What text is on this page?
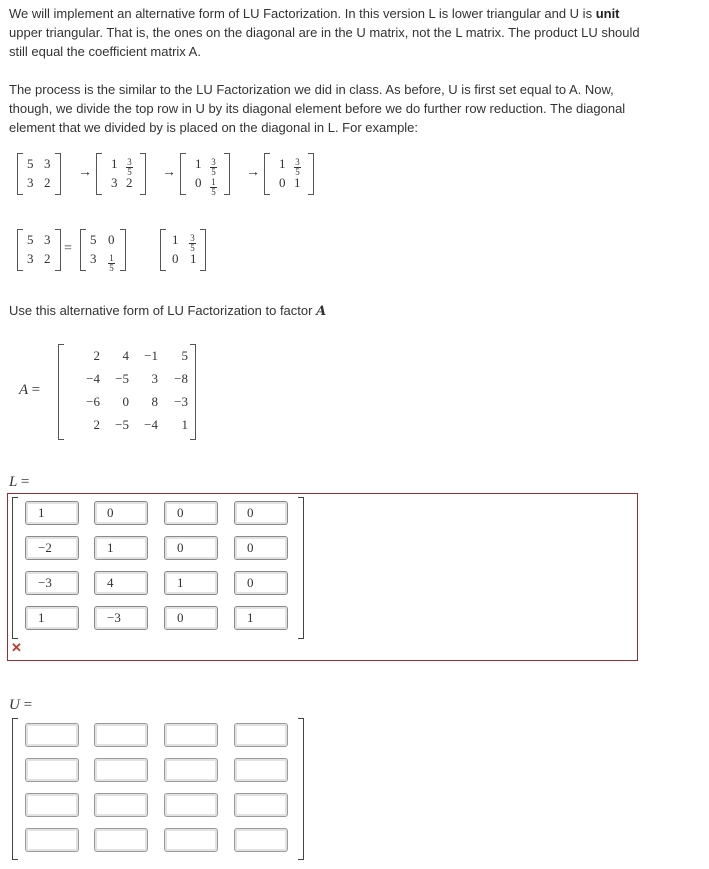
We will implement an alternative form of LU Factorization. In this version L is lower triangular and U is unit upper triangular. That is, the ones on the diagonal are in the U matrix, not the L matrix. The product LU should still equal the coefficient matrix A.
The process is the similar to the LU Factorization we did in class. As before, U is first set equal to A. Now, though, we divide the top row in U by its diagonal element before we do further row reduction. The diagonal element that we divided by is placed on the diagonal in L. For example:
5 3
3 2
→ $1 \frac{3}{5}$
3 2
→ $1 \frac{3}{5}$
$0 \frac{1}{5}$
→ $1 \frac{3}{5}$
0 1
5 3
3 2
=
5 0
$3 \frac{1}{5}$
$1 \frac{3}{5}$
0 1
Use this alternative form of LU Factorization to factor A
A =
2	4	−1	5
−4	−5	3	−8
−6	0	8	−3
2	−5	−4	1
L =
1	0	0	0
−2	1	0	0
−3	4	1	0
1	−3	0	1
✕
U =
